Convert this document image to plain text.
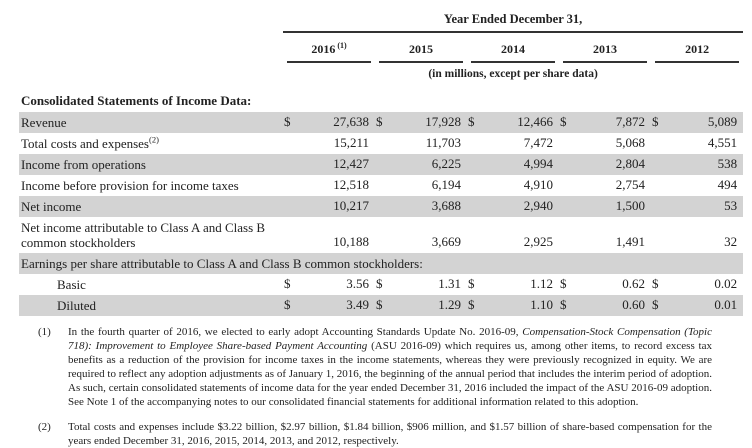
	Year Ended December 31,									

	2016 $^{(1)}$		2015		2014		2013		2012	

	(in millions, except per share data)									
Consolidated Statements of Income Data:										
Revenue	$	27,638	$	17,928	$	12,466	$	7,872	$	5,089
Total costs and expenses$^{(2)}$		15,211		11,703		7,472		5,068		4,551
Income from operations		12,427		6,225		4,994		2,804		538
Income before provision for income taxes		12,518		6,194		4,910		2,754		494
Net income		10,217		3,688		2,940		1,500		53
Net income attributable to Class A and Class B common stockholders		10,188		3,669		2,925		1,491		32
Earnings per share attributable to Class A and Class B common stockholders:										
Basic	$	3.56	$	1.31	$	1.12	$	0.62	$	0.02
Diluted	$	3.49	$	1.29	$	1.10	$	0.60	$	0.01
(1)	In the fourth quarter of 2016, we elected to early adopt Accounting Standards Update No. 2016-09, Compensation-Stock Compensation (Topic 718): Improvement to Employee Share-based Payment Accounting (ASU 2016-09) which requires us, among other items, to record excess tax benefits as a reduction of the provision for income taxes in the income statements, whereas they were previously recognized in equity. We are required to reflect any adoption adjustments as of January 1, 2016, the beginning of the annual period that includes the interim period of adoption. As such, certain consolidated statements of income data for the year ended December 31, 2016 included the impact of the ASU 2016-09 adoption. See Note 1 of the accompanying notes to our consolidated financial statements for additional information related to this adoption.
(2)	Total costs and expenses include $3.22 billion, $2.97 billion, $1.84 billion, $906 million, and $1.57 billion of share-based compensation for the years ended December 31, 2016, 2015, 2014, 2013, and 2012, respectively.
